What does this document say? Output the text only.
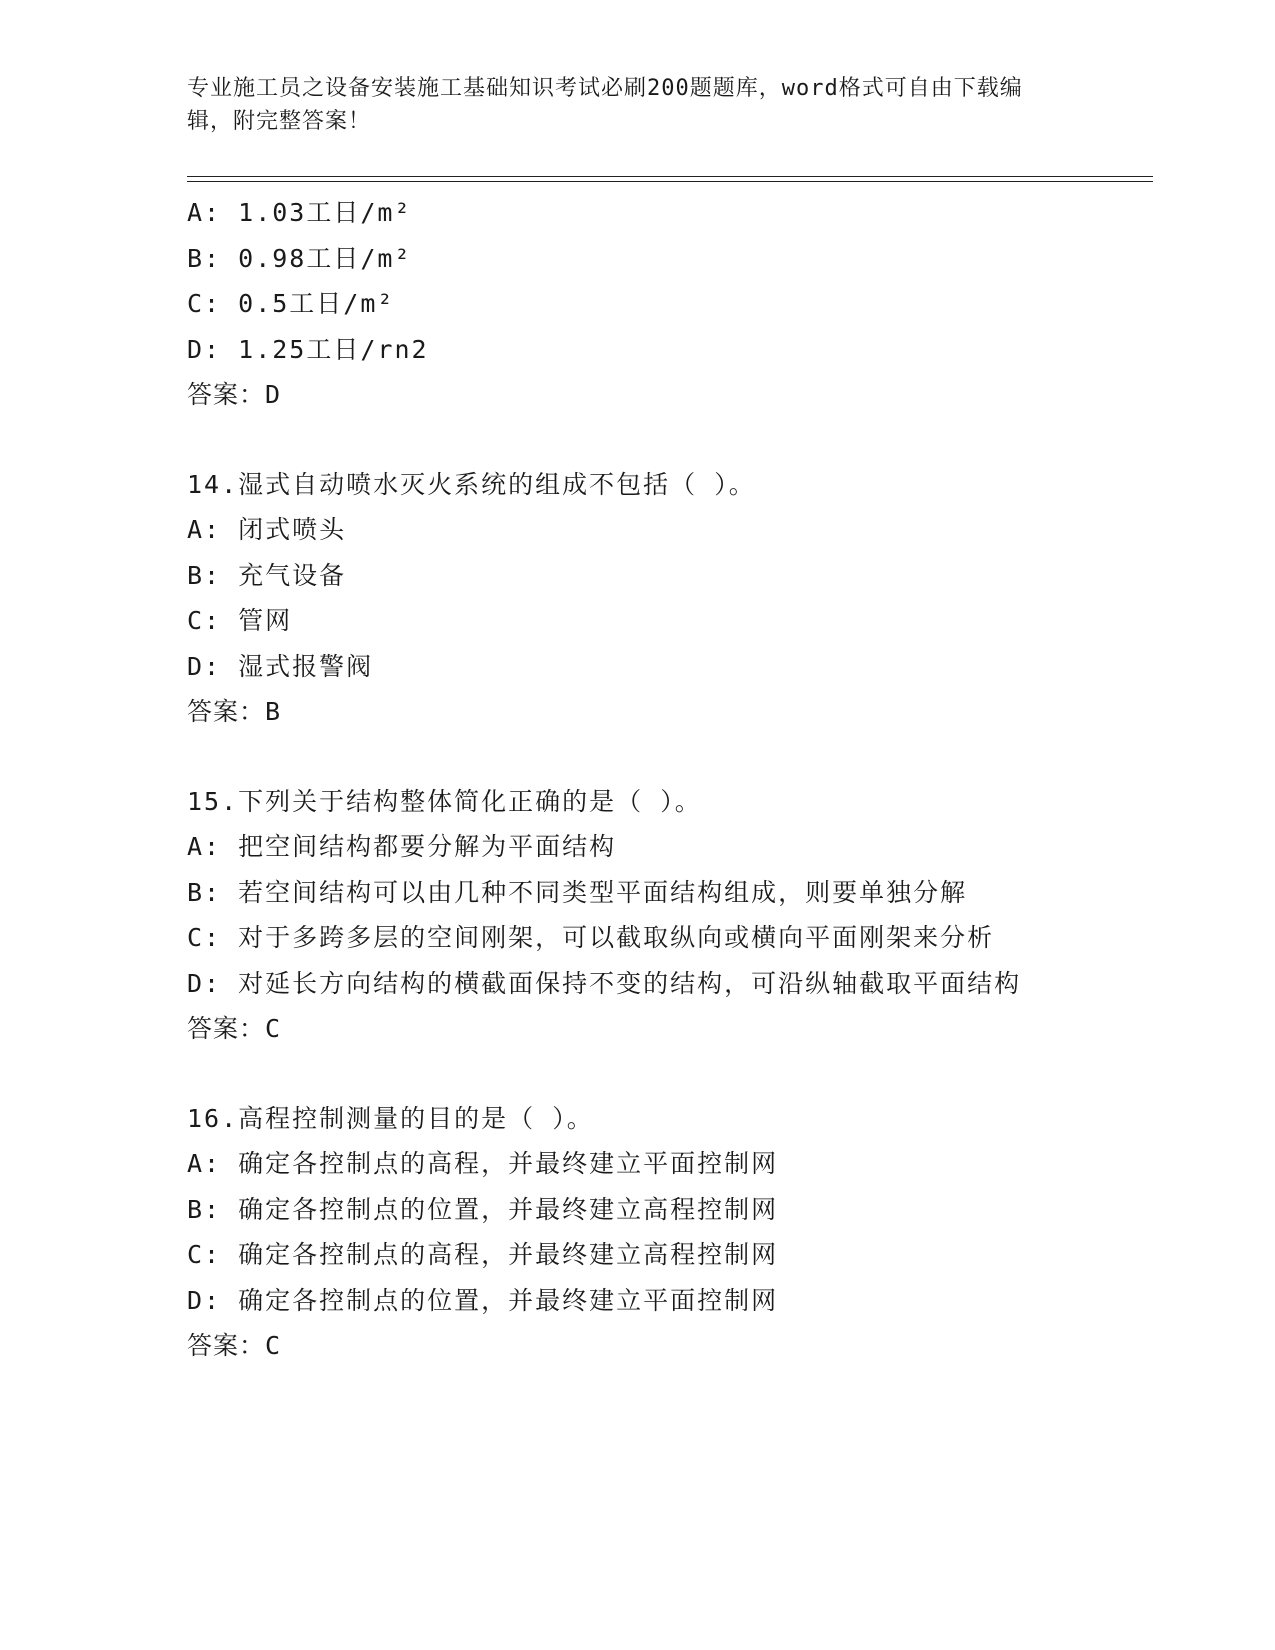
专业施工员之设备安装施工基础知识考试必刷200题题库，word格式可自由下载编辑，附完整答案！
A: 1.03工日/m²
B: 0.98工日/m²
C: 0.5工日/m²
D: 1.25工日/rn2
答案：D
14.湿式自动喷水灭火系统的组成不包括（ ）。
A: 闭式喷头
B: 充气设备
C: 管网
D: 湿式报警阀
答案：B
15.下列关于结构整体简化正确的是（ ）。
A: 把空间结构都要分解为平面结构
B: 若空间结构可以由几种不同类型平面结构组成，则要单独分解
C: 对于多跨多层的空间刚架，可以截取纵向或横向平面刚架来分析
D: 对延长方向结构的横截面保持不变的结构，可沿纵轴截取平面结构
答案：C
16.高程控制测量的目的是（ ）。
A: 确定各控制点的高程，并最终建立平面控制网
B: 确定各控制点的位置，并最终建立高程控制网
C: 确定各控制点的高程，并最终建立高程控制网
D: 确定各控制点的位置，并最终建立平面控制网
答案：C
